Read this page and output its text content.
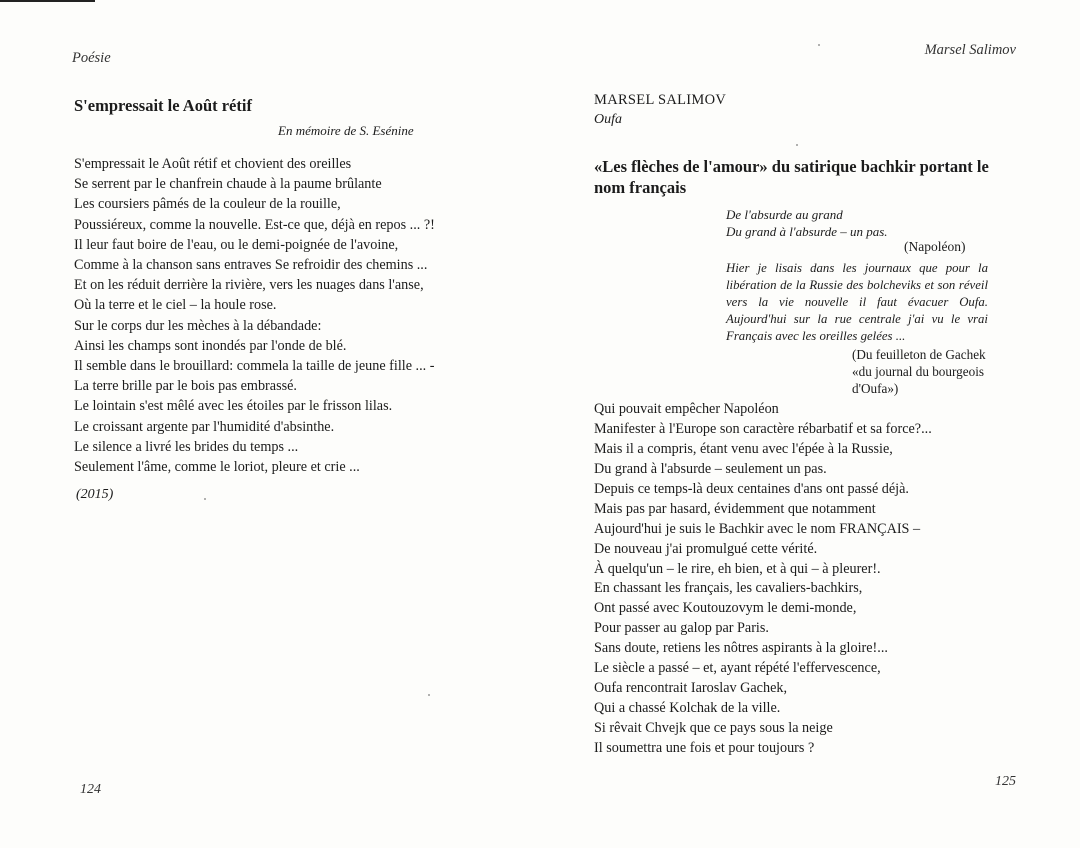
Poésie
S'empressait le Août rétif
En mémoire de S. Esénine
S'empressait le Août rétif et chovient des oreilles
Se serrent par le chanfrein chaude à la paume brûlante
Les coursiers pâmés de la couleur de la rouille,
Poussiéreux, comme la nouvelle. Est-ce que, déjà en repos ... ?!
Il leur faut boire de l'eau, ou le demi-poignée de l'avoine,
Comme à la chanson sans entraves Se refroidir des chemins ...
Et on les réduit derrière la rivière, vers les nuages dans l'anse,
Où la terre et le ciel – la houle rose.
Sur le corps dur les mèches à la débandade:
Ainsi les champs sont inondés par l'onde de blé.
Il semble dans le brouillard: commela la taille de jeune fille ... -
La terre brille par le bois pas embrassé.
Le lointain s'est mêlé avec les étoiles par le frisson lilas.
Le croissant argente par l'humidité d'absinthe.
Le silence a livré les brides du temps ...
Seulement l'âme, comme le loriot, pleure et crie ...
(2015)
124
Marsel Salimov
MARSEL SALIMOV
Oufa
«Les flèches de l'amour» du satirique bachkir portant le nom français
De l'absurde au grand
Du grand à l'absurde – un pas.
(Napoléon)
Hier je lisais dans les journaux que pour la libération de la Russie des bolcheviks et son réveil vers la vie nouvelle il faut évacuer Oufa. Aujourd'hui sur la rue centrale j'ai vu le vrai Français avec les oreilles gelées ...
(Du feuilleton de Gachek
«du journal du bourgeois
d'Oufa»)
Qui pouvait empêcher Napoléon
Manifester à l'Europe son caractère rébarbatif et sa force?...
Mais il a compris, étant venu avec l'épée à la Russie,
Du grand à l'absurde – seulement un pas.
Depuis ce temps-là deux centaines d'ans ont passé déjà.
Mais pas par hasard, évidemment que notamment
Aujourd'hui je suis le Bachkir avec le nom FRANÇAIS –
De nouveau j'ai promulgué cette vérité.
À quelqu'un – le rire, eh bien, et à qui – à pleurer!.
En chassant les français, les cavaliers-bachkirs,
Ont passé avec Koutouzovym le demi-monde,
Pour passer au galop par Paris.
Sans doute, retiens les nôtres aspirants à la gloire!...
Le siècle a passé – et, ayant répété l'effervescence,
Oufa rencontrait Iaroslav Gachek,
Qui a chassé Kolchak de la ville.
Si rêvait Chvejk que ce pays sous la neige
Il soumettra une fois et pour toujours ?
125
